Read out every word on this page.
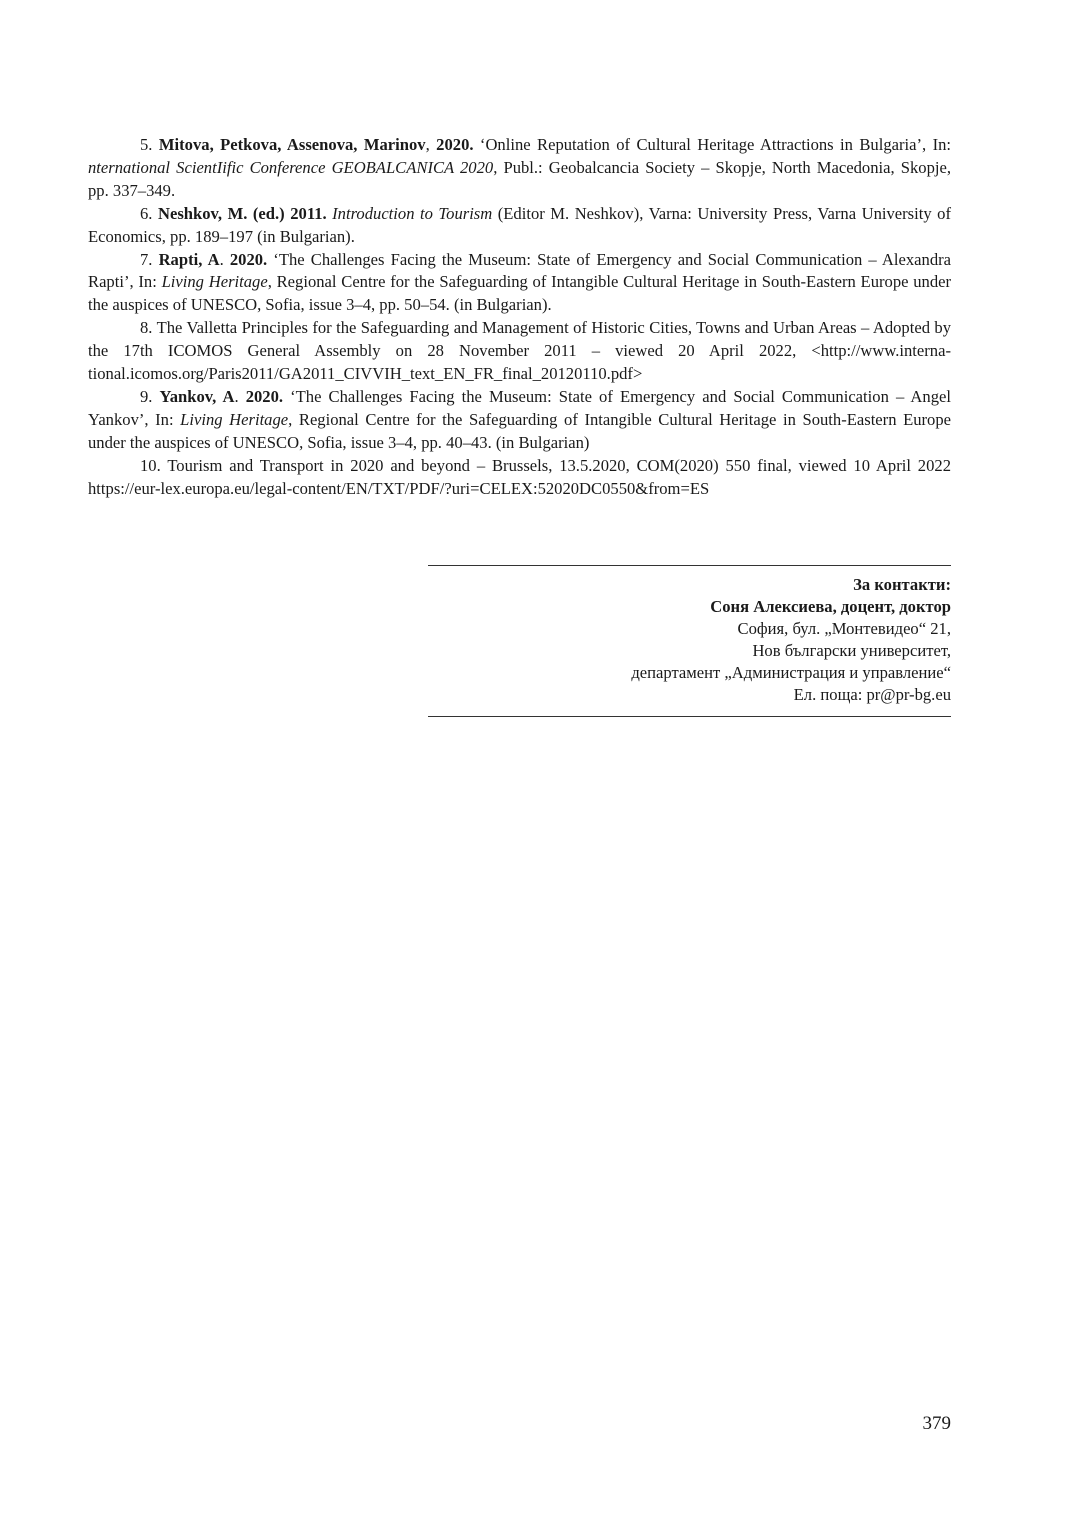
5. Mitova, Petkova, Assenova, Marinov, 2020. ‘Online Reputation of Cultural Heritage Attractions in Bulgaria’, In: nternational ScientIific Conference GEOBALCANICA 2020, Publ.: Geobalcancia Society – Skopje, North Macedonia, Skopje, pp. 337–349.

6. Neshkov, M. (ed.) 2011. Introduction to Tourism (Editor M. Neshkov), Varna: University Press, Varna University of Economics, pp. 189–197 (in Bulgarian).

7. Rapti, A. 2020. ‘The Challenges Facing the Museum: State of Emergency and Social Communication – Alexandra Rapti’, In: Living Heritage, Regional Centre for the Safeguarding of Intangible Cultural Heritage in South-Eastern Europe under the auspices of UNESCO, Sofia, issue 3–4, pp. 50–54. (in Bulgarian).

8. The Valletta Principles for the Safeguarding and Management of Historic Cities, Towns and Urban Areas – Adopted by the 17th ICOMOS General Assembly on 28 November 2011 – viewed 20 April 2022, <http://www.interna-tional.icomos.org/Paris2011/GA2011_CIVVIH_text_EN_FR_final_20120110.pdf>

9. Yankov, A. 2020. ‘The Challenges Facing the Museum: State of Emergency and Social Communication – Angel Yankov’, In: Living Heritage, Regional Centre for the Safeguarding of Intangible Cultural Heritage in South-Eastern Europe under the auspices of UNESCO, Sofia, issue 3–4, pp. 40–43. (in Bulgarian)

10. Tourism and Transport in 2020 and beyond – Brussels, 13.5.2020, COM(2020) 550 final, viewed 10 April 2022 https://eur-lex.europa.eu/legal-content/EN/TXT/PDF/?uri=CELEX:52020DC0550&from=ES

За контакти:
Соня Алексиева, доцент, доктор
София, бул. „Монтевидео“ 21,
Нов български университет,
департамент „Администрация и управление“
Ел. поща: pr@pr-bg.eu
379
